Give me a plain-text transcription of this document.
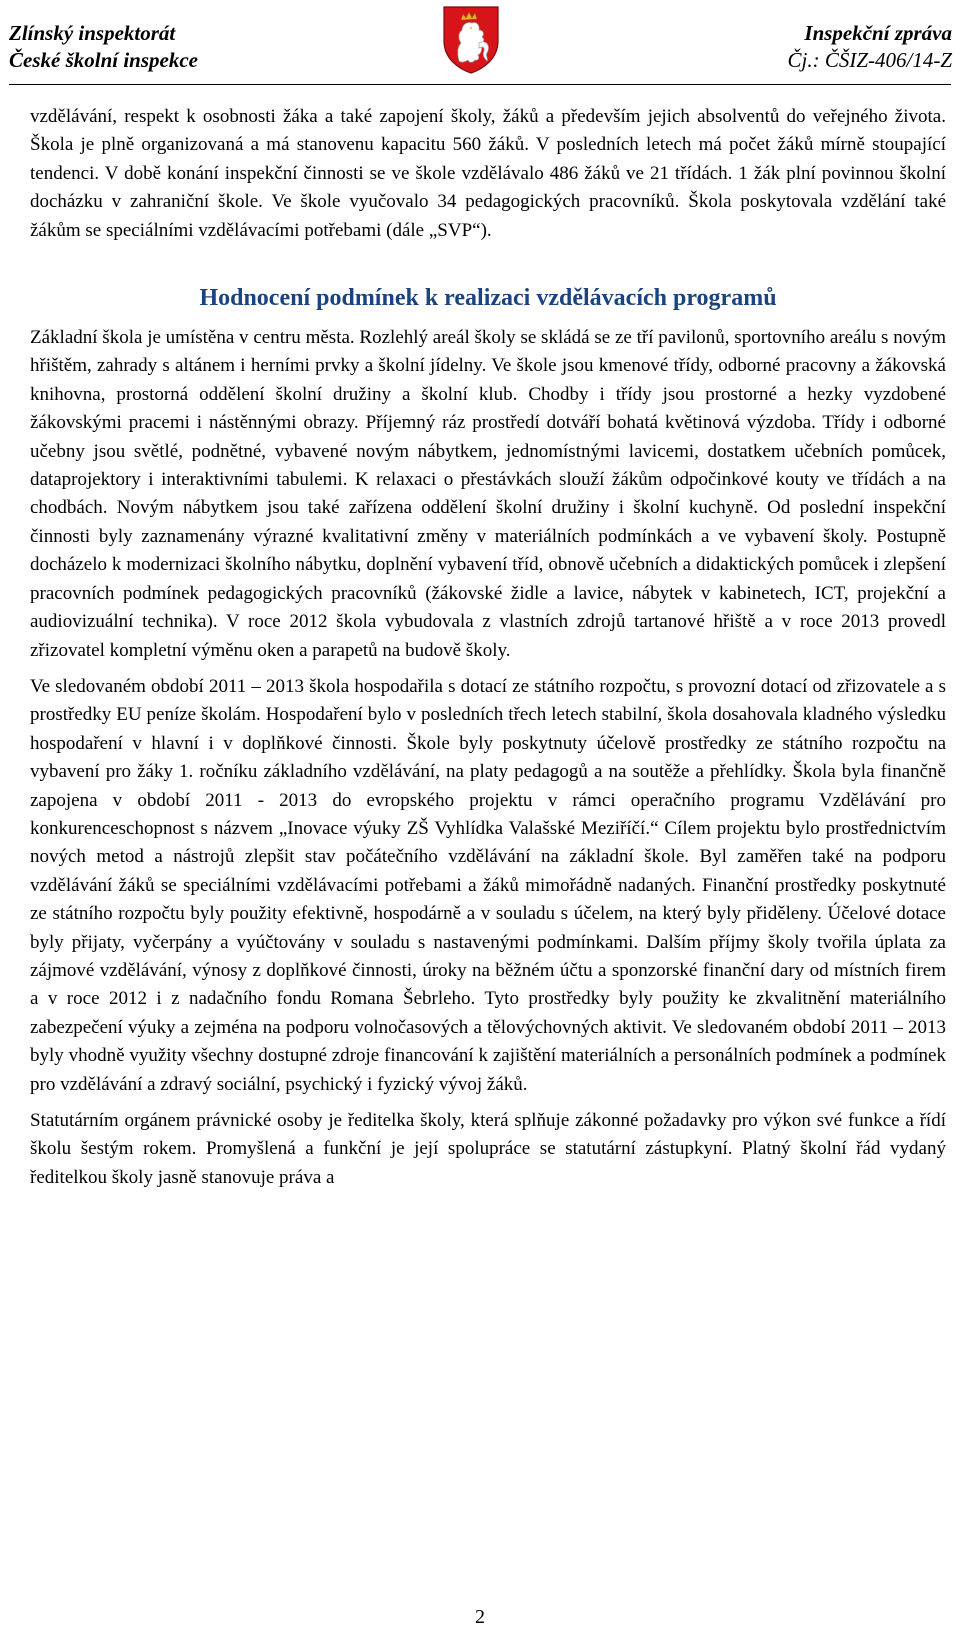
Zlínský inspektorát
České školní inspekce
Inspekční zpráva
Čj.: ČŠIZ-406/14-Z

vzdělávání, respekt k osobnosti žáka a také zapojení školy, žáků a především jejich absolventů do veřejného života. Škola je plně organizovaná a má stanovenu kapacitu 560 žáků. V posledních letech má počet žáků mírně stoupající tendenci. V době konání inspekční činnosti se ve škole vzdělávalo 486 žáků ve 21 třídách. 1 žák plní povinnou školní docházku v zahraniční škole. Ve škole vyučovalo 34 pedagogických pracovníků. Škola poskytovala vzdělání také žákům se speciálními vzdělávacími potřebami (dále „SVP“).

Hodnocení podmínek k realizaci vzdělávacích programů

Základní škola je umístěna v centru města. Rozlehlý areál školy se skládá se ze tří pavilonů, sportovního areálu s novým hřištěm, zahrady s altánem i herními prvky a školní jídelny. Ve škole jsou kmenové třídy, odborné pracovny a žákovská knihovna, prostorná oddělení školní družiny a školní klub. Chodby i třídy jsou prostorné a hezky vyzdobené žákovskými pracemi i nástěnnými obrazy. Příjemný ráz prostředí dotváří bohatá květinová výzdoba. Třídy i odborné učebny jsou světlé, podnětné, vybavené novým nábytkem, jednomístnými lavicemi, dostatkem učebních pomůcek, dataprojektory i interaktivními tabulemi. K relaxaci o přestávkách slouží žákům odpočinkové kouty ve třídách a na chodbách. Novým nábytkem jsou také zařízena oddělení školní družiny i školní kuchyně. Od poslední inspekční činnosti byly zaznamenány výrazné kvalitativní změny v materiálních podmínkách a ve vybavení školy. Postupně docházelo k modernizaci školního nábytku, doplnění vybavení tříd, obnově učebních a didaktických pomůcek i zlepšení pracovních podmínek pedagogických pracovníků (žákovské židle a lavice, nábytek v kabinetech, ICT, projekční a audiovizuální technika). V roce 2012 škola vybudovala z vlastních zdrojů tartanové hřiště a v roce 2013 provedl zřizovatel kompletní výměnu oken a parapetů na budově školy.

Ve sledovaném období 2011 – 2013 škola hospodařila s dotací ze státního rozpočtu, s provozní dotací od zřizovatele a s prostředky EU peníze školám. Hospodaření bylo v posledních třech letech stabilní, škola dosahovala kladného výsledku hospodaření v hlavní i v doplňkové činnosti. Škole byly poskytnuty účelově prostředky ze státního rozpočtu na vybavení pro žáky 1. ročníku základního vzdělávání, na platy pedagogů a na soutěže a přehlídky. Škola byla finančně zapojena v období 2011 - 2013 do evropského projektu v rámci operačního programu Vzdělávání pro konkurenceschopnost s názvem „Inovace výuky ZŠ Vyhlídka Valašské Meziříčí.“ Cílem projektu bylo prostřednictvím nových metod a nástrojů zlepšit stav počátečního vzdělávání na základní škole. Byl zaměřen také na podporu vzdělávání žáků se speciálními vzdělávacími potřebami a žáků mimořádně nadaných. Finanční prostředky poskytnuté ze státního rozpočtu byly použity efektivně, hospodárně a v souladu s účelem, na který byly přiděleny. Účelové dotace byly přijaty, vyčerpány a vyúčtovány v souladu s nastavenými podmínkami. Dalším příjmy školy tvořila úplata za zájmové vzdělávání, výnosy z doplňkové činnosti, úroky na běžném účtu a sponzorské finanční dary od místních firem a v roce 2012 i z nadačního fondu Romana Šebrleho. Tyto prostředky byly použity ke zkvalitnění materiálního zabezpečení výuky a zejména na podporu volnočasových a tělovýchovných aktivit. Ve sledovaném období 2011 – 2013 byly vhodně využity všechny dostupné zdroje financování k zajištění materiálních a personálních podmínek a podmínek pro vzdělávání a zdravý sociální, psychický i fyzický vývoj žáků.

Statutárním orgánem právnické osoby je ředitelka školy, která splňuje zákonné požadavky pro výkon své funkce a řídí školu šestým rokem. Promyšlená a funkční je její spolupráce se statutární zástupkyní. Platný školní řád vydaný ředitelkou školy jasně stanovuje práva a

2
